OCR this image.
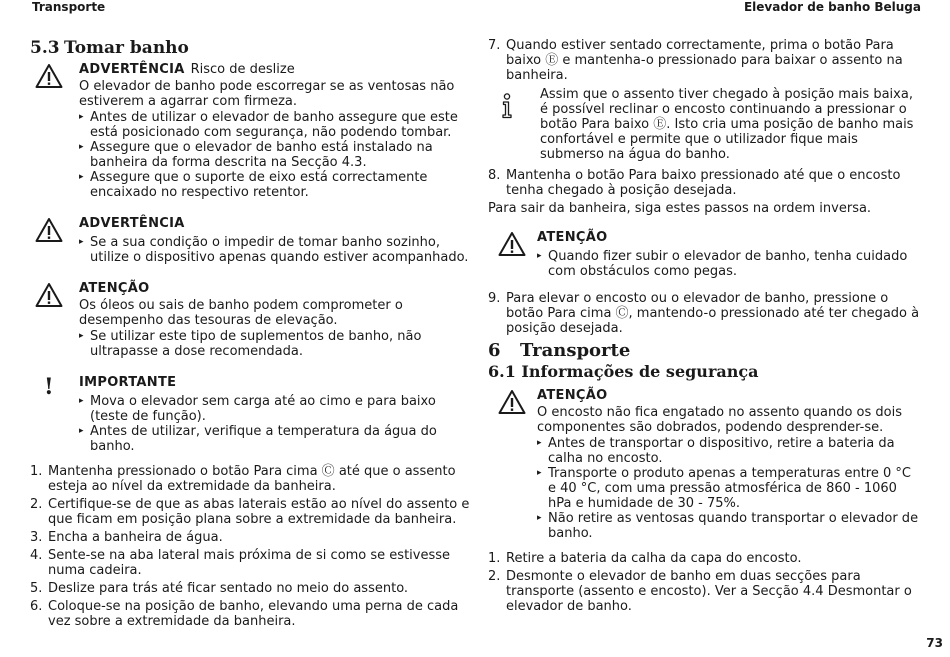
Transporte	Elevador de banho Beluga
5.3 Tomar banho
ADVERTÊNCIA Risco de deslize
O elevador de banho pode escorregar se as ventosas não estiverem a agarrar com firmeza.
▸ Antes de utilizar o elevador de banho assegure que este está posicionado com segurança, não podendo tombar.
▸ Assegure que o elevador de banho está instalado na banheira da forma descrita na Secção 4.3.
▸ Assegure que o suporte de eixo está correctamente encaixado no respectivo retentor.
ADVERTÊNCIA
▸ Se a sua condição o impedir de tomar banho sozinho, utilize o dispositivo apenas quando estiver acompanhado.
ATENÇÃO
Os óleos ou sais de banho podem comprometer o desempenho das tesouras de elevação.
▸ Se utilizar este tipo de suplementos de banho, não ultrapasse a dose recomendada.
! IMPORTANTE
▸ Mova o elevador sem carga até ao cimo e para baixo (teste de função).
▸ Antes de utilizar, verifique a temperatura da água do banho.
1. Mantenha pressionado o botão Para cima Ⓒ até que o assento esteja ao nível da extremidade da banheira.
2. Certifique-se de que as abas laterais estão ao nível do assento e que ficam em posição plana sobre a extremidade da banheira.
3. Encha a banheira de água.
4. Sente-se na aba lateral mais próxima de si como se estivesse numa cadeira.
5. Deslize para trás até ficar sentado no meio do assento.
6. Coloque-se na posição de banho, elevando uma perna de cada vez sobre a extremidade da banheira.
7. Quando estiver sentado correctamente, prima o botão Para baixo Ⓔ e mantenha-o pressionado para baixar o assento na banheira.
Assim que o assento tiver chegado à posição mais baixa, é possível reclinar o encosto continuando a pressionar o botão Para baixo Ⓔ. Isto cria uma posição de banho mais confortável e permite que o utilizador fique mais submerso na água do banho.
8. Mantenha o botão Para baixo pressionado até que o encosto tenha chegado à posição desejada.
Para sair da banheira, siga estes passos na ordem inversa.
ATENÇÃO
▸ Quando fizer subir o elevador de banho, tenha cuidado com obstáculos como pegas.
9. Para elevar o encosto ou o elevador de banho, pressione o botão Para cima Ⓒ, mantendo-o pressionado até ter chegado à posição desejada.
6 Transporte
6.1 Informações de segurança
ATENÇÃO
O encosto não fica engatado no assento quando os dois componentes são dobrados, podendo desprender-se.
▸ Antes de transportar o dispositivo, retire a bateria da calha no encosto.
▸ Transporte o produto apenas a temperaturas entre 0 °C e 40 °C, com uma pressão atmosférica de 860 - 1060 hPa e humidade de 30 - 75%.
▸ Não retire as ventosas quando transportar o elevador de banho.
1. Retire a bateria da calha da capa do encosto.
2. Desmonte o elevador de banho em duas secções para transporte (assento e encosto). Ver a Secção 4.4 Desmontar o elevador de banho.
73
